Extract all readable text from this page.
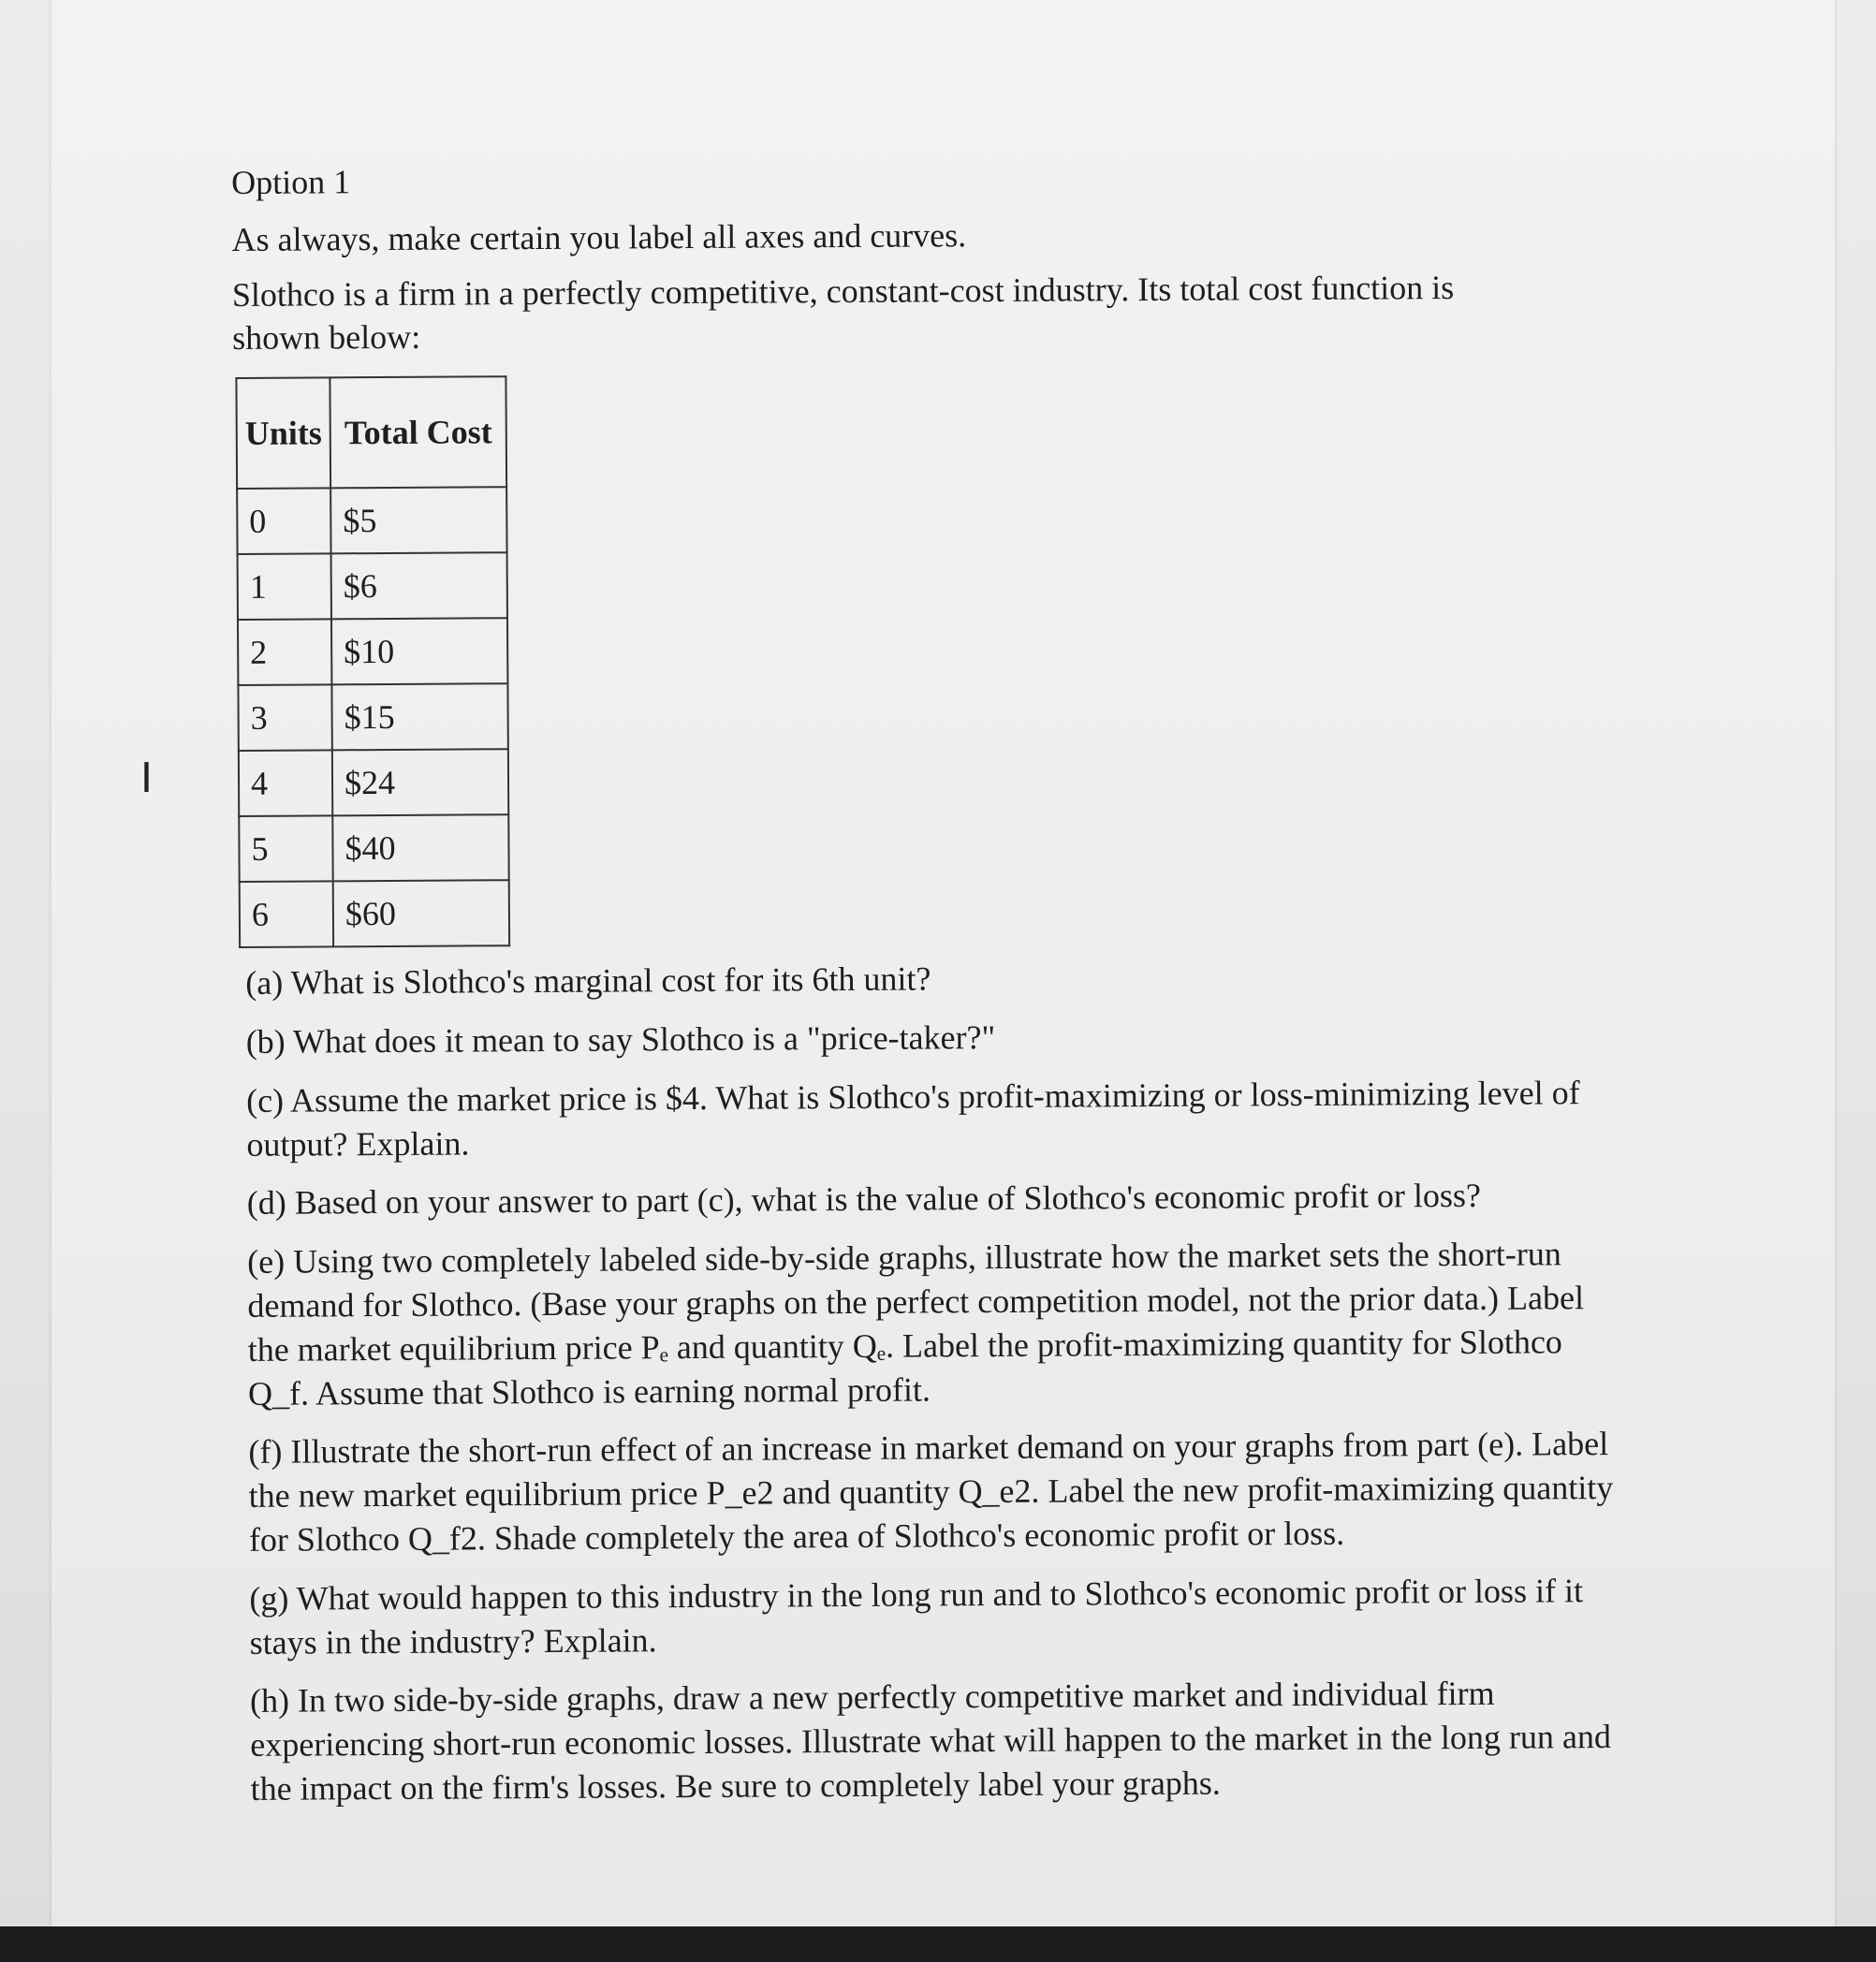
I

Option 1

As always, make certain you label all axes and curves.

Slothco is a firm in a perfectly competitive, constant-cost industry. Its total cost function is shown below:

Units	Total Cost
0	$5
1	$6
2	$10
3	$15
4	$24
5	$40
6	$60

(a) What is Slothco's marginal cost for its 6th unit?

(b) What does it mean to say Slothco is a "price-taker?"

(c) Assume the market price is $4. What is Slothco's profit-maximizing or loss-minimizing level of output? Explain.

(d) Based on your answer to part (c), what is the value of Slothco's economic profit or loss?

(e) Using two completely labeled side-by-side graphs, illustrate how the market sets the short-run demand for Slothco. (Base your graphs on the perfect competition model, not the prior data.) Label the market equilibrium price Pₑ and quantity Qₑ. Label the profit-maximizing quantity for Slothco Q_f. Assume that Slothco is earning normal profit.

(f) Illustrate the short-run effect of an increase in market demand on your graphs from part (e). Label the new market equilibrium price P_e2 and quantity Q_e2. Label the new profit-maximizing quantity for Slothco Q_f2. Shade completely the area of Slothco's economic profit or loss.

(g) What would happen to this industry in the long run and to Slothco's economic profit or loss if it stays in the industry? Explain.

(h) In two side-by-side graphs, draw a new perfectly competitive market and individual firm experiencing short-run economic losses. Illustrate what will happen to the market in the long run and the impact on the firm's losses. Be sure to completely label your graphs.
